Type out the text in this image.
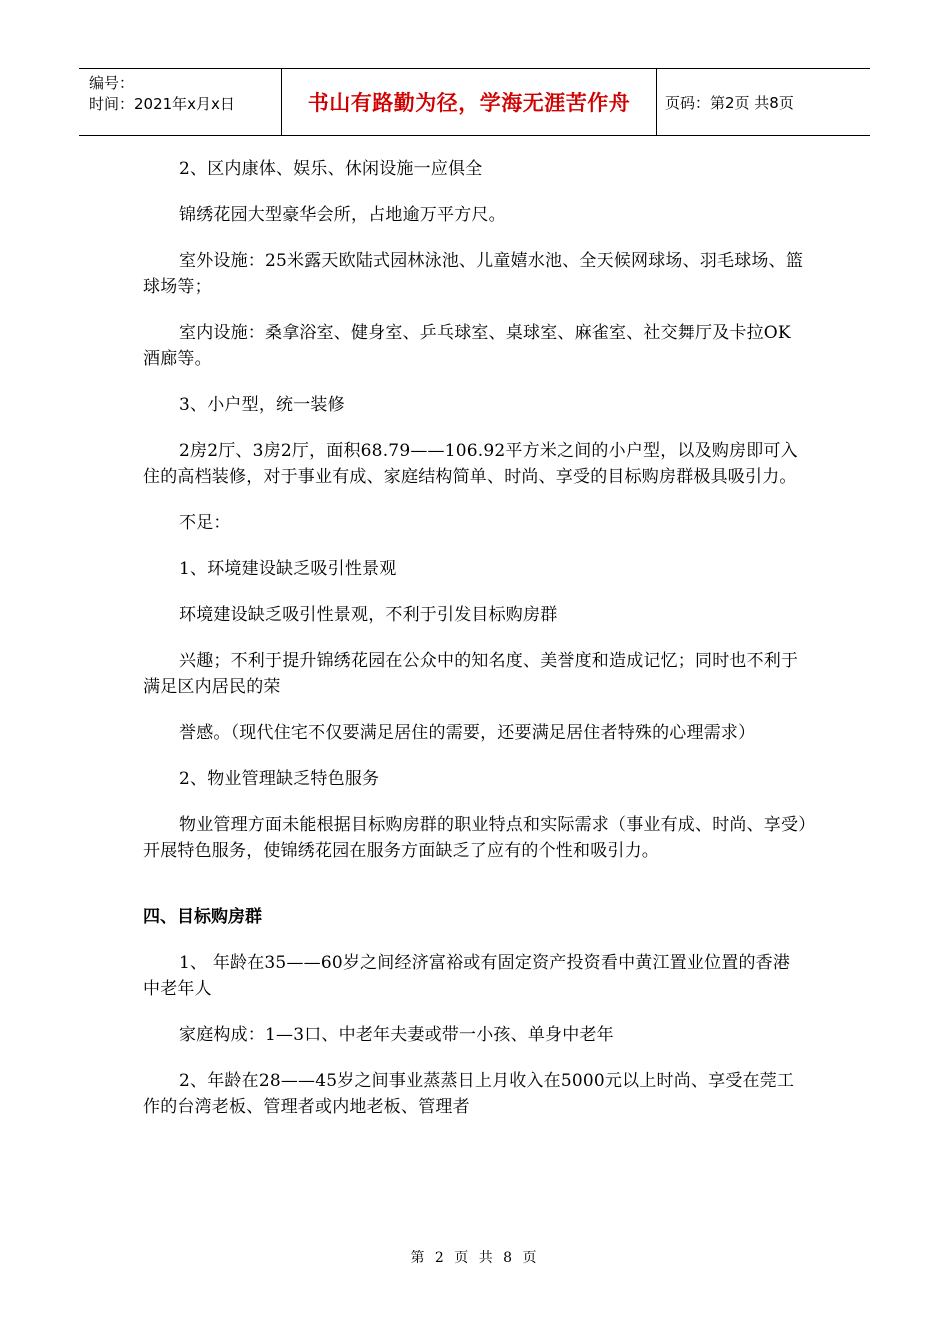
编号：
时间：2021年x月x日	书山有路勤为径，学海无涯苦作舟	页码：第2页 共8页

2、区内康体、娱乐、休闲设施一应俱全

锦绣花园大型豪华会所，占地逾万平方尺。

室外设施：25米露天欧陆式园林泳池、儿童嬉水池、全天候网球场、羽毛球场、篮球场等；

室内设施：桑拿浴室、健身室、乒乓球室、桌球室、麻雀室、社交舞厅及卡拉OK酒廊等。

3、小户型，统一装修

2房2厅、3房2厅，面积68.79——106.92平方米之间的小户型，以及购房即可入住的高档装修，对于事业有成、家庭结构简单、时尚、享受的目标购房群极具吸引力。

不足：

1、环境建设缺乏吸引性景观

环境建设缺乏吸引性景观，不利于引发目标购房群

兴趣；不利于提升锦绣花园在公众中的知名度、美誉度和造成记忆；同时也不利于满足区内居民的荣

誉感。（现代住宅不仅要满足居住的需要，还要满足居住者特殊的心理需求）

2、物业管理缺乏特色服务

物业管理方面未能根据目标购房群的职业特点和实际需求（事业有成、时尚、享受）开展特色服务，使锦绣花园在服务方面缺乏了应有的个性和吸引力。

四、目标购房群

1、 年龄在35——60岁之间经济富裕或有固定资产投资看中黄江置业位置的香港中老年人

家庭构成：1—3口、中老年夫妻或带一小孩、单身中老年

2、年龄在28——45岁之间事业蒸蒸日上月收入在5000元以上时尚、享受在莞工作的台湾老板、管理者或内地老板、管理者

第 2 页 共 8 页
